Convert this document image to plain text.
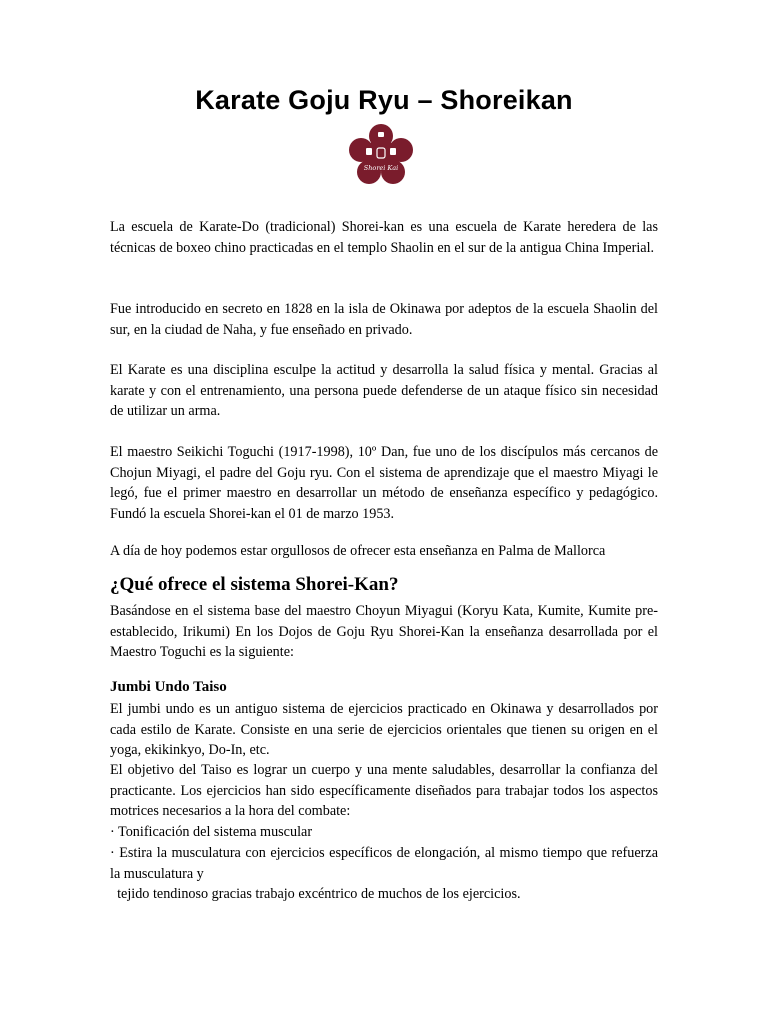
Karate Goju Ryu – Shoreikan
Shorei Kai

La escuela de Karate-Do (tradicional) Shorei-kan es una escuela de Karate heredera de las técnicas de boxeo chino practicadas en el templo Shaolin en el sur de la antigua China Imperial.

Fue introducido en secreto en 1828 en la isla de Okinawa por adeptos de la escuela Shaolin del sur, en la ciudad de Naha, y fue enseñado en privado.

El Karate es una disciplina esculpe la actitud y desarrolla la salud física y mental. Gracias al karate y con el entrenamiento, una persona puede defenderse de un ataque físico sin necesidad de utilizar un arma.

El maestro Seikichi Toguchi (1917-1998), 10º Dan, fue uno de los discípulos más cercanos de Chojun Miyagi, el padre del Goju ryu. Con el sistema de aprendizaje que el maestro Miyagi le legó, fue el primer maestro en desarrollar un método de enseñanza específico y pedagógico. Fundó la escuela Shorei-kan el 01 de marzo 1953.

A día de hoy podemos estar orgullosos de ofrecer esta enseñanza en Palma de Mallorca

¿Qué ofrece el sistema Shorei-Kan?

Basándose en el sistema base del maestro Choyun Miyagui (Koryu Kata, Kumite, Kumite pre-establecido, Irikumi) En los Dojos de Goju Ryu Shorei-Kan la enseñanza desarrollada por el Maestro Toguchi es la siguiente:

Jumbi Undo Taiso

El jumbi undo es un antiguo sistema de ejercicios practicado en Okinawa y desarrollados por cada estilo de Karate. Consiste en una serie de ejercicios orientales que tienen su origen en el yoga, ekikinkyo, Do-In, etc.

El objetivo del Taiso es lograr un cuerpo y una mente saludables, desarrollar la confianza del practicante. Los ejercicios han sido específicamente diseñados para trabajar todos los aspectos motrices necesarios a la hora del combate:

· Tonificación del sistema muscular

· Estira la musculatura con ejercicios específicos de elongación, al mismo tiempo que refuerza la musculatura y

tejido tendinoso gracias trabajo excéntrico de muchos de los ejercicios.
